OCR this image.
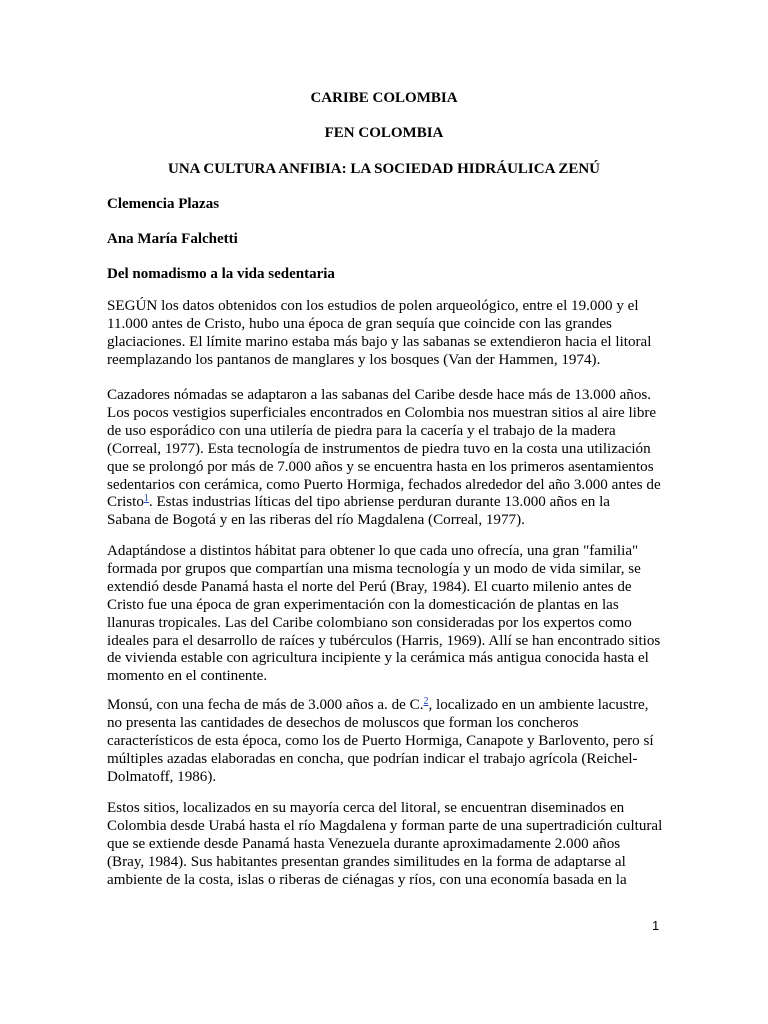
CARIBE COLOMBIA
FEN COLOMBIA
UNA CULTURA ANFIBIA: LA SOCIEDAD HIDRÁULICA ZENÚ
Clemencia Plazas
Ana María Falchetti
Del nomadismo a la vida sedentaria

SEGÚN los datos obtenidos con los estudios de polen arqueológico, entre el 19.000 y el
11.000 antes de Cristo, hubo una época de gran sequía que coincide con las grandes
glaciaciones. El límite marino estaba más bajo y las sabanas se extendieron hacia el litoral
reemplazando los pantanos de manglares y los bosques (Van der Hammen, 1974).

Cazadores nómadas se adaptaron a las sabanas del Caribe desde hace más de 13.000 años.
Los pocos vestigios superficiales encontrados en Colombia nos muestran sitios al aire libre
de uso esporádico con una utilería de piedra para la cacería y el trabajo de la madera
(Correal, 1977). Esta tecnología de instrumentos de piedra tuvo en la costa una utilización
que se prolongó por más de 7.000 años y se encuentra hasta en los primeros asentamientos
sedentarios con cerámica, como Puerto Hormiga, fechados alrededor del año 3.000 antes de
Cristo$^1$. Estas industrias líticas del tipo abriense perduran durante 13.000 años en la
Sabana de Bogotá y en las riberas del río Magdalena (Correal, 1977).

Adaptándose a distintos hábitat para obtener lo que cada uno ofrecía, una gran "familia"
formada por grupos que compartían una misma tecnología y un modo de vida similar, se
extendió desde Panamá hasta el norte del Perú (Bray, 1984). El cuarto milenio antes de
Cristo fue una época de gran experimentación con la domesticación de plantas en las
llanuras tropicales. Las del Caribe colombiano son consideradas por los expertos como
ideales para el desarrollo de raíces y tubérculos (Harris, 1969). Allí se han encontrado sitios
de vivienda estable con agricultura incipiente y la cerámica más antigua conocida hasta el
momento en el continente.

Monsú, con una fecha de más de 3.000 años a. de C.$^2$, localizado en un ambiente lacustre,
no presenta las cantidades de desechos de moluscos que forman los concheros
característicos de esta época, como los de Puerto Hormiga, Canapote y Barlovento, pero sí
múltiples azadas elaboradas en concha, que podrían indicar el trabajo agrícola (Reichel-
Dolmatoff, 1986).

Estos sitios, localizados en su mayoría cerca del litoral, se encuentran diseminados en
Colombia desde Urabá hasta el río Magdalena y forman parte de una supertradición cultural
que se extiende desde Panamá hasta Venezuela durante aproximadamente 2.000 años
(Bray, 1984). Sus habitantes presentan grandes similitudes en la forma de adaptarse al
ambiente de la costa, islas o riberas de ciénagas y ríos, con una economía basada en la

1
